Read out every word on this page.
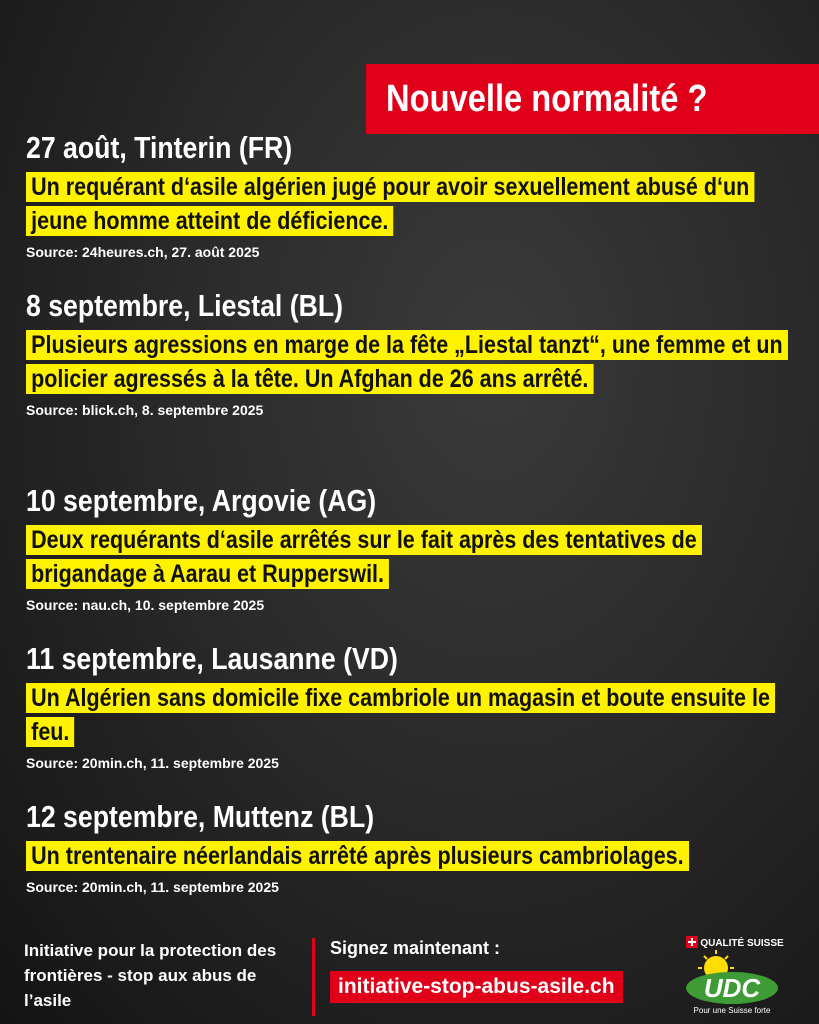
Nouvelle normalité ?
27 août, Tinterin (FR)
Un requérant d‘asile algérien jugé pour avoir sexuellement abusé d‘un jeune homme atteint de déficience.
Source: 24heures.ch, 27. août 2025
8 septembre, Liestal (BL)
Plusieurs agressions en marge de la fête „Liestal tanzt“, une femme et un policier agressés à la tête. Un Afghan de 26 ans arrêté.
Source: blick.ch, 8. septembre 2025
10 septembre, Argovie (AG)
Deux requérants d‘asile arrêtés sur le fait après des tentatives de brigandage à Aarau et Rupperswil.
Source: nau.ch, 10. septembre 2025
11 septembre, Lausanne (VD)
Un Algérien sans domicile fixe cambriole un magasin et boute ensuite le feu.
Source: 20min.ch, 11. septembre 2025
12 septembre, Muttenz (BL)
Un trentenaire néerlandais arrêté après plusieurs cambriolages.
Source: 20min.ch, 11. septembre 2025
Initiative pour la protection des frontières - stop aux abus de l’asile
Signez maintenant :
initiative-stop-abus-asile.ch
QUALITÉ SUISSE
UDC
Pour une Suisse forte
